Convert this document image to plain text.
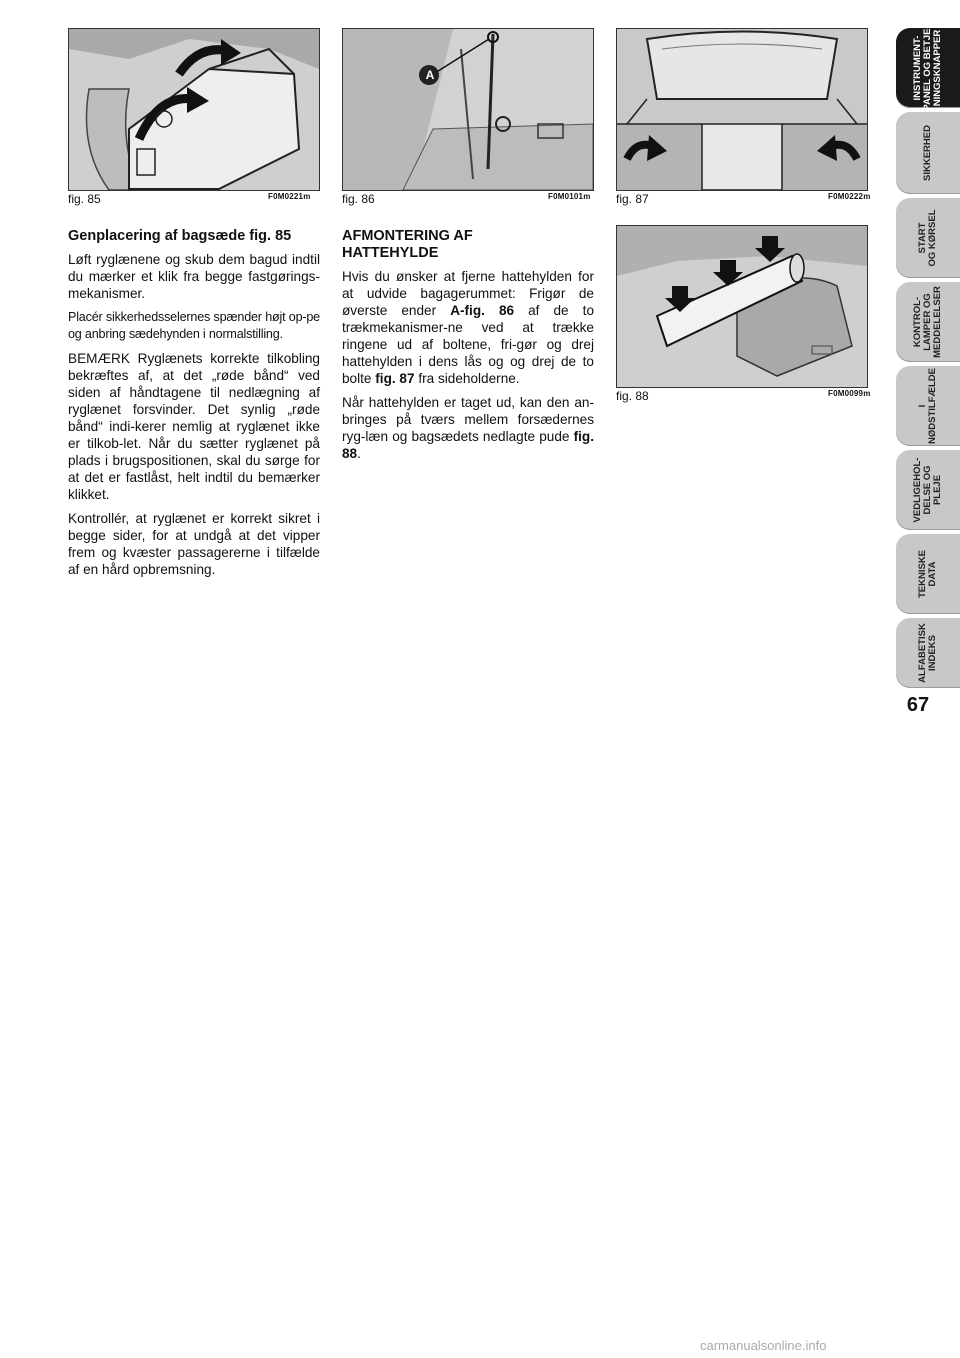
fig. 85	F0M0221m
A
fig. 86	F0M0101m fig. 87	F0M0222m
fig. 88	F0M0099m
Genplacering af bagsæde fig. 85

Løft ryglænene og skub dem bagud indtil du mærker et klik fra begge fastgørings-mekanismer.

Placér sikkerhedsselernes spænder højt op-pe og anbring sædehynden i normalstilling.

BEMÆRK Ryglænets korrekte tilkobling bekræftes af, at det „røde bånd“ ved siden af håndtagene til nedlægning af ryglænet forsvinder. Det synlig „røde bånd“ indi-kerer nemlig at ryglænet ikke er tilkob-let. Når du sætter ryglænet på plads i brugspositionen, skal du sørge for at det er fastlåst, helt indtil du bemærker klikket.

Kontrollér, at ryglænet er korrekt sikret i begge sider, for at undgå at det vipper frem og kvæster passagererne i tilfælde af en hård opbremsning.

AFMONTERING AF
HATTEHYLDE

Hvis du ønsker at fjerne hattehylden for at udvide bagagerummet: Frigør de øverste ender A-fig. 86 af de to trækmekanismer-ne ved at trække ringene ud af boltene, fri-gør og drej hattehylden i dens lås og og drej de to bolte fig. 87 fra sideholderne.

Når hattehylden er taget ud, kan den an-bringes på tværs mellem forsædernes ryg-læn og bagsædets nedlagte pude fig. 88.

INSTRUMENT-
PANEL OG BETJE-
NINGSKNAPPER
SIKKERHED
START
OG KØRSEL
KONTROL-
LAMPER OG
MEDDELELSER
I
NØDSTILFÆLDE
VEDLIGEHOL-
DELSE OG
PLEJE
TEKNISKE
DATA
ALFABETISK
INDEKS
67
carmanualsonline.info
